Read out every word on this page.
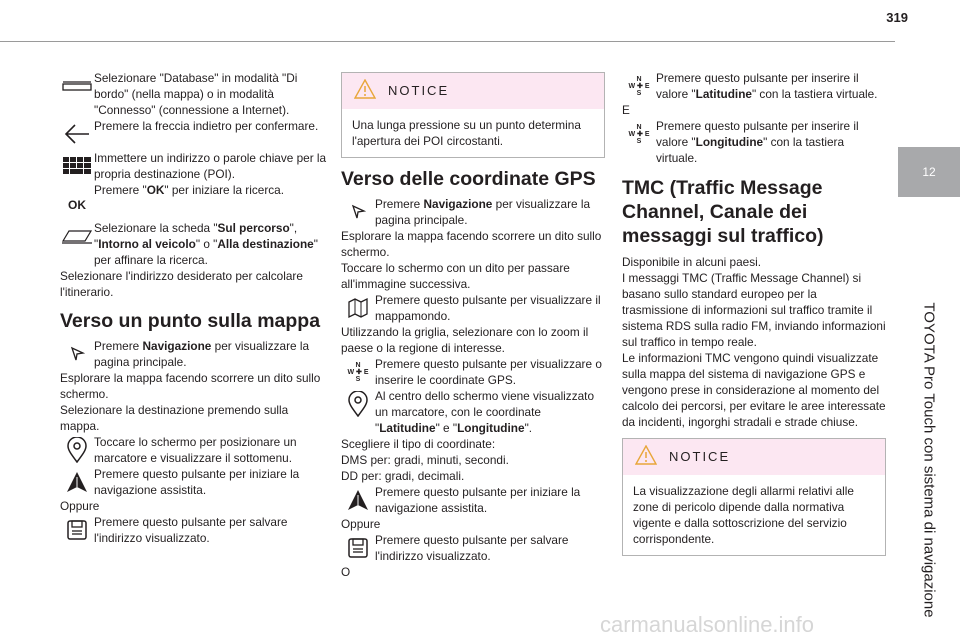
319
12
TOYOTA Pro Touch con sistema di navigazione
Selezionare "Database" in modalità "Di bordo" (nella mappa) o in modalità "Connesso" (connessione a Internet).
Premere la freccia indietro per confermare.
Immettere un indirizzo o parole chiave per la propria destinazione (POI).
OK
Premere "OK" per iniziare la ricerca.
Selezionare la scheda "Sul percorso", "Intorno al veicolo" o "Alla destinazione" per affinare la ricerca.
Selezionare l'indirizzo desiderato per calcolare l'itinerario.
Verso un punto sulla mappa
Premere Navigazione per visualizzare la pagina principale.
Esplorare la mappa facendo scorrere un dito sullo schermo.
Selezionare la destinazione premendo sulla mappa.
Toccare lo schermo per posizionare un marcatore e visualizzare il sottomenu.
Premere questo pulsante per iniziare la navigazione assistita.
Oppure
Premere questo pulsante per salvare l'indirizzo visualizzato.
NOTICE
Una lunga pressione su un punto determina l'apertura dei POI circostanti.
Verso delle coordinate GPS
Premere Navigazione per visualizzare la pagina principale.
Esplorare la mappa facendo scorrere un dito sullo schermo.
Toccare lo schermo con un dito per passare all'immagine successiva.
Premere questo pulsante per visualizzare il mappamondo.
Utilizzando la griglia, selezionare con lo zoom il paese o la regione di interesse.
N
W ✚ E
S
Premere questo pulsante per visualizzare o inserire le coordinate GPS.
Al centro dello schermo viene visualizzato un marcatore, con le coordinate "Latitudine" e "Longitudine".
Scegliere il tipo di coordinate:
DMS per: gradi, minuti, secondi.
DD per: gradi, decimali.
Premere questo pulsante per iniziare la navigazione assistita.
Oppure
Premere questo pulsante per salvare l'indirizzo visualizzato.
O
N
W ✚ E
S
Premere questo pulsante per inserire il valore "Latitudine" con la tastiera virtuale.
E
N
W ✚ E
S
Premere questo pulsante per inserire il valore "Longitudine" con la tastiera virtuale.
TMC (Traffic Message Channel, Canale dei messaggi sul traffico)
Disponibile in alcuni paesi.
I messaggi TMC (Traffic Message Channel) si basano sullo standard europeo per la trasmissione di informazioni sul traffico tramite il sistema RDS sulla radio FM, inviando informazioni sul traffico in tempo reale.
Le informazioni TMC vengono quindi visualizzate sulla mappa del sistema di navigazione GPS e vengono prese in considerazione al momento del calcolo dei percorsi, per evitare le aree interessate da incidenti, ingorghi stradali e strade chiuse.
NOTICE
La visualizzazione degli allarmi relativi alle zone di pericolo dipende dalla normativa vigente e dalla sottoscrizione del servizio corrispondente.
carmanualsonline.info
